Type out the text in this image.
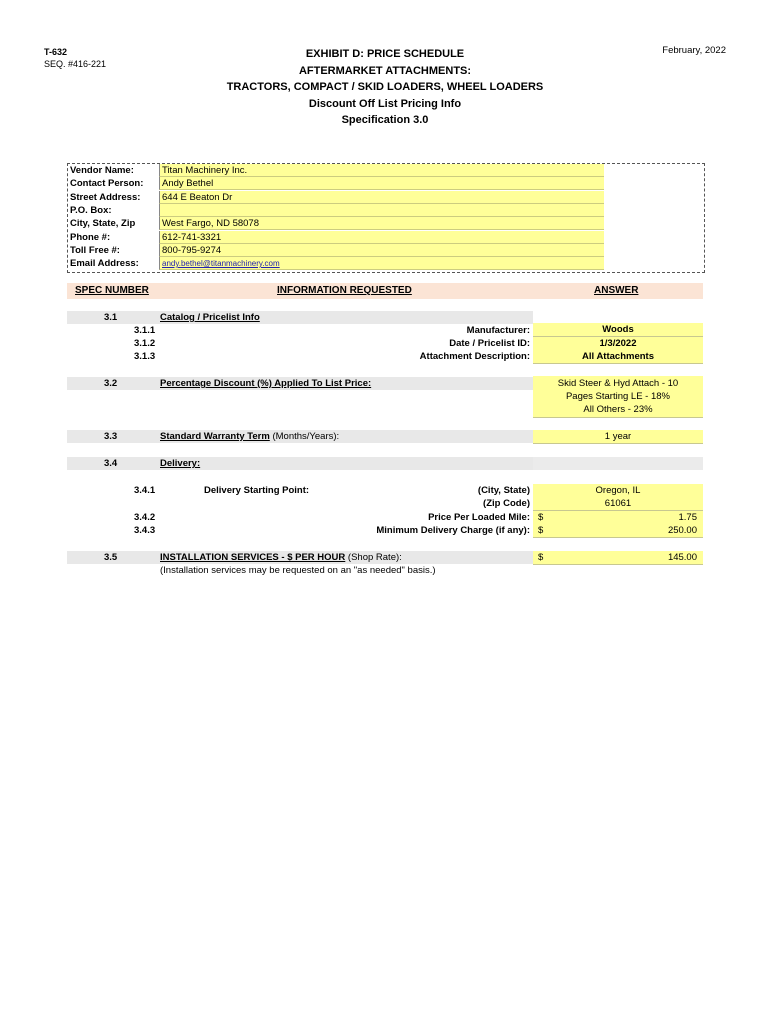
T-632
SEQ. #416-221
February, 2022
EXHIBIT D: PRICE SCHEDULE
AFTERMARKET ATTACHMENTS:
TRACTORS, COMPACT / SKID LOADERS, WHEEL LOADERS
Discount Off List Pricing Info
Specification 3.0
Vendor Name:	Titan Machinery Inc.
Contact Person:	Andy Bethel
Street Address:	644 E Beaton Dr
P.O. Box:
City, State, Zip	West Fargo, ND 58078
Phone #:	612-741-3321
Toll Free #:	800-795-9274
Email Address:	andy.bethel@titanmachinery.com
SPEC NUMBER	INFORMATION REQUESTED	ANSWER
3.1	Catalog / Pricelist Info
3.1.1	Manufacturer:	Woods
3.1.2	Date / Pricelist ID:	1/3/2022
3.1.3	Attachment Description:	All Attachments
3.2	Percentage Discount (%) Applied To List Price:	Skid Steer & Hyd Attach - 10
Pages Starting LE - 18%
All Others - 23%
3.3	Standard Warranty Term (Months/Years):	1 year
3.4	Delivery:
3.4.1	Delivery Starting Point:	(City, State)	Oregon, IL
(Zip Code)	61061
3.4.2	Price Per Loaded Mile: $	1.75
3.4.3	Minimum Delivery Charge (if any): $	250.00
3.5	INSTALLATION SERVICES - $ PER HOUR (Shop Rate):	$	145.00
(Installation services may be requested on an "as needed" basis.)
